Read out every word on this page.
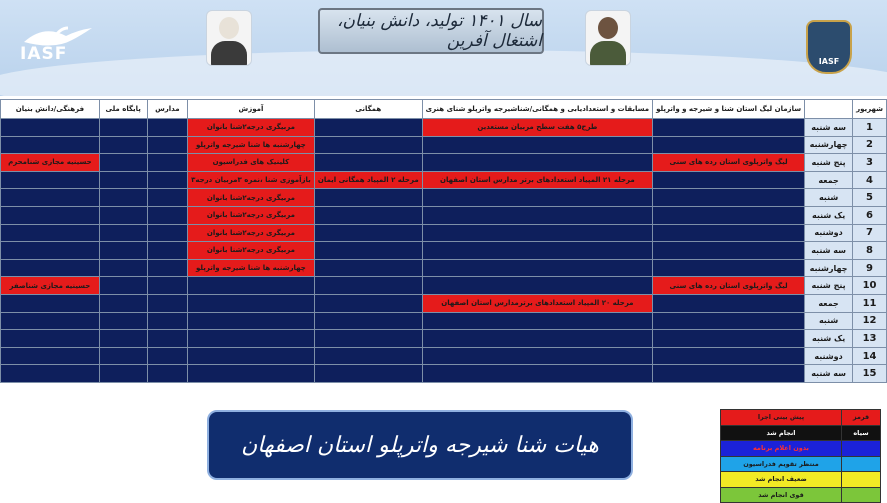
IASF
سال ۱۴۰۱ تولید، دانش بنیان، اشتغال آفرین
IASF
فرهنگی/دانش بنیان	پایگاه ملی	مدارس	آموزش	همگانی	مسابقات و استعدادیابی و همگانی/شناشیرجه واترپلو شنای هنری	سازمان لیگ استان شنا و شیرجه و واترپلو		شهریور
			مربیگری درجه۲شنا بانوان		طرح۵ هفت سطح مربیان مستعدین		سه شنبه	1
			چهارشنبه ها شنا شیرجه واترپلو				چهارشنبه	2
حسینیه مجازی شنامحرم			کلینیک های فدراسیون			لیگ واترپلوی استان رده های سنی	پنج شنبه	3
			بازآموزی شنا ،نمره ۳مربیان درجه۳	مرحله ۲ المپیاد همگانی ایمان	مرحله ۲۱ المپیاد استعدادهای برتر مدارس استان اصفهان		جمعه	4
			مربیگری درجه۲شنا بانوان				شنبه	5
			مربیگری درجه۲شنا بانوان				یک شنبه	6
			مربیگری درجه۲شنا بانوان				دوشنبه	7
			مربیگری درجه۲شنا بانوان				سه شنبه	8
			چهارشنبه ها شنا شیرجه واترپلو				چهارشنبه	9
حسینیه مجازی شناصفر						لیگ واترپلوی استان رده های سنی	پنج شنبه	10
					مرحله ۲۰ المپیاد استعدادهای برترمدارس استان اصفهان		جمعه	11
							شنبه	12
							یک شنبه	13
							دوشنبه	14
							سه شنبه	15
هیات شنا شیرجه واترپلو استان اصفهان
پیش بینی اجرا	قرمز
انجام شد	سیاه
بدون اعلام برنامه	
منتظر تقویم فدراسیون	
ضعیف انجام شد	
قوی انجام شد	
